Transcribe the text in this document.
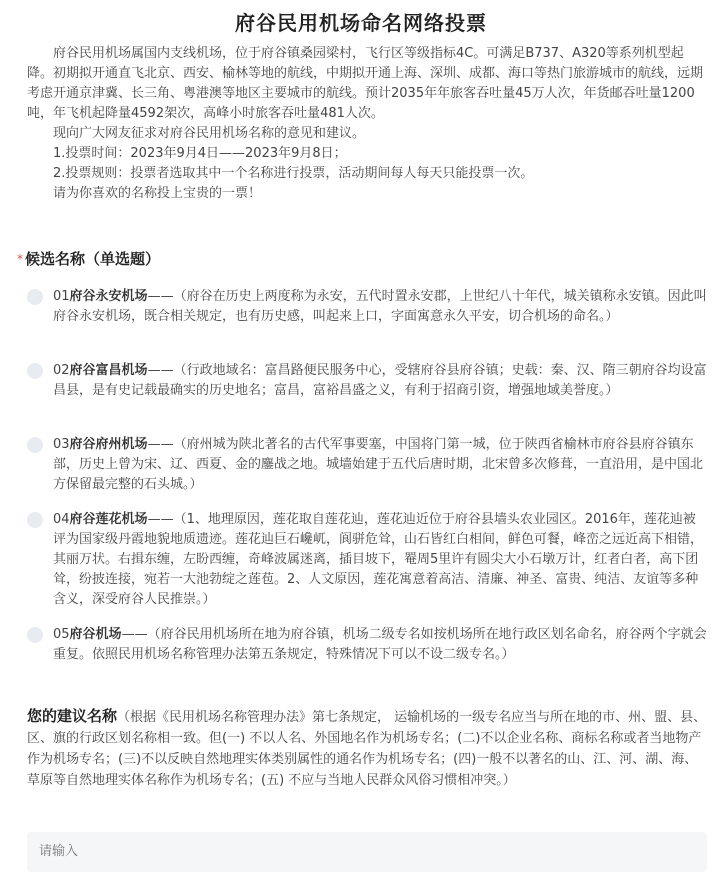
府谷民用机场命名网络投票

府谷民用机场属国内支线机场，位于府谷镇桑园梁村，飞行区等级指标4C。可满足B737、A320等系列机型起降。初期拟开通直飞北京、西安、榆林等地的航线，中期拟开通上海、深圳、成都、海口等热门旅游城市的航线，远期考虑开通京津冀、长三角、粤港澳等地区主要城市的航线。预计2035年年旅客吞吐量45万人次，年货邮吞吐量1200吨，年飞机起降量4592架次，高峰小时旅客吞吐量481人次。

现向广大网友征求对府谷民用机场名称的意见和建议。
1.投票时间：2023年9月4日——2023年9月8日；
2.投票规则：投票者选取其中一个名称进行投票，活动期间每人每天只能投票一次。
请为你喜欢的名称投上宝贵的一票！
* 候选名称（单选题）
01府谷永安机场——（府谷在历史上两度称为永安，五代时置永安郡，上世纪八十年代，城关镇称永安镇。因此叫府谷永安机场，既合相关规定，也有历史感，叫起来上口，字面寓意永久平安，切合机场的命名。）
02府谷富昌机场——（行政地域名：富昌路便民服务中心，受辖府谷县府谷镇；史载：秦、汉、隋三朝府谷均设富昌县，是有史记载最确实的历史地名；富昌，富裕昌盛之义，有利于招商引资，增强地域美誉度。）
03府谷府州机场——（府州城为陕北著名的古代军事要塞，中国将门第一城，位于陕西省榆林市府谷县府谷镇东部，历史上曾为宋、辽、西夏、金的鏖战之地。城墙始建于五代后唐时期，北宋曾多次修葺，一直沿用，是中国北方保留最完整的石头城。）
04府谷莲花机场——（1、地理原因，莲花取自莲花辿，莲花辿近位于府谷县墙头农业园区。2016年，莲花辿被评为国家级丹霞地貌地质遗迹。莲花辿巨石巉屼，阆骈危耸，山石皆红白相间，鲜色可餐，峰峦之远近高下相错，其丽万状。右揖东缠，左盼西缠，奇峰波属迷离，插目坡下，罨周5里许有圆尖大小石墩万计，红者白者，高下团耸，纷披连接，宛若一大池勃绽之莲苞。2、人文原因，莲花寓意着高洁、清廉、神圣、富贵、纯洁、友谊等多种含义，深受府谷人民推崇。）
05府谷机场——（府谷民用机场所在地为府谷镇，机场二级专名如按机场所在地行政区划名命名，府谷两个字就会重复。依照民用机场名称管理办法第五条规定，特殊情况下可以不设二级专名。）
您的建议名称（根据《民用机场名称管理办法》第七条规定， 运输机场的一级专名应当与所在地的市、州、盟、县、区、旗的行政区划名称相一致。但(一) 不以人名、外国地名作为机场专名；(二)不以企业名称、商标名称或者当地物产作为机场专名；(三)不以反映自然地理实体类别属性的通名作为机场专名；(四)一般不以著名的山、江、河、湖、海、草原等自然地理实体名称作为机场专名；(五) 不应与当地人民群众风俗习惯相冲突。）
请输入
